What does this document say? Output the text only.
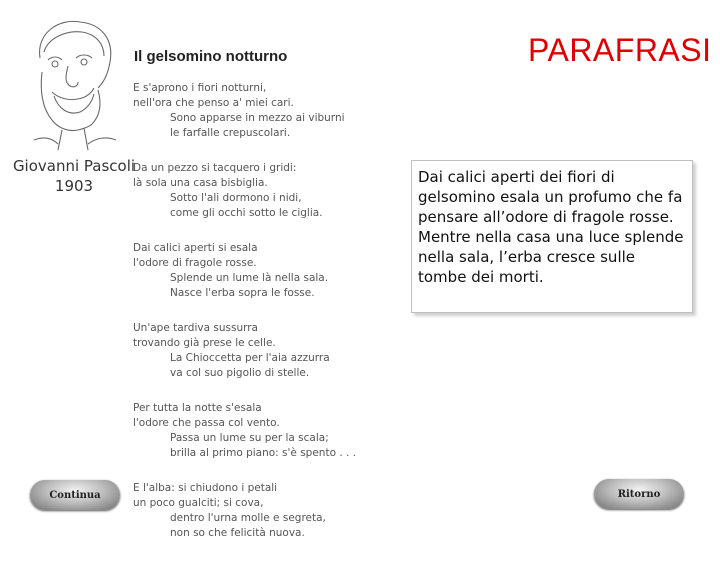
Giovanni Pascoli
1903
Il gelsomino notturno	PARAFRASI
E s'aprono i fiori notturni,
nell'ora che penso a' miei cari.
Sono apparse in mezzo ai viburni
le farfalle crepuscolari.
Da un pezzo si tacquero i gridi:
là sola una casa bisbiglia.
Sotto l'ali dormono i nidi,
come gli occhi sotto le ciglia.
Dai calici aperti si esala
l'odore di fragole rosse.
Splende un lume là nella sala.
Nasce l'erba sopra le fosse.
Un'ape tardiva sussurra
trovando già prese le celle.
La Chioccetta per l'aia azzurra
va col suo pigolio di stelle.
Per tutta la notte s'esala
l'odore che passa col vento.
Passa un lume su per la scala;
brilla al primo piano: s'è spento . . .
E l'alba: si chiudono i petali
un poco gualciti; si cova,
dentro l'urna molle e segreta,
non so che felicità nuova.
Dai calici aperti dei fiori di gelsomino esala un profumo che fa pensare all’odore di fragole rosse.
Mentre nella casa una luce splende nella sala, l’erba cresce sulle tombe dei morti.
Continua	Ritorno
